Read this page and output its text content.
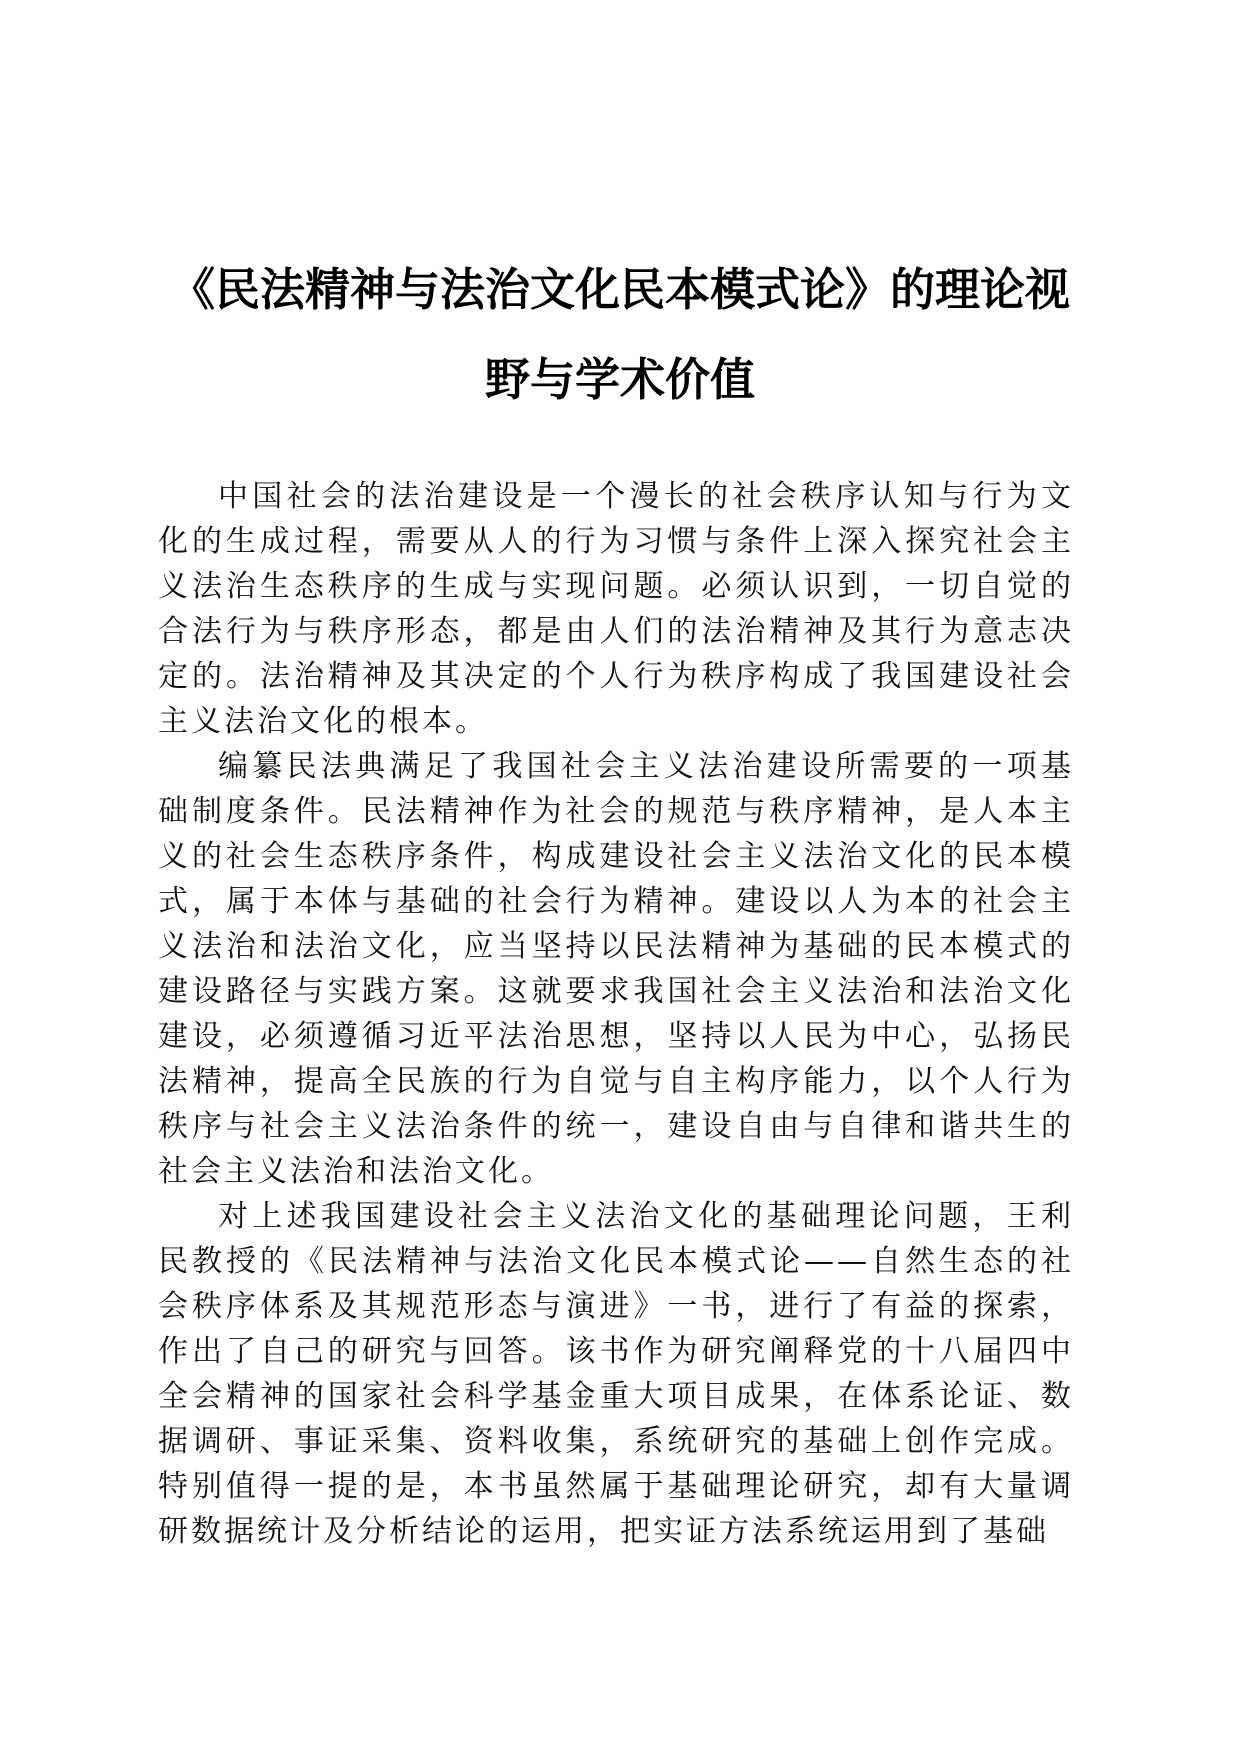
《民法精神与法治文化民本模式论》的理论视
野与学术价值

中国社会的法治建设是一个漫长的社会秩序认知与行为文化的生成过程，需要从人的行为习惯与条件上深入探究社会主义法治生态秩序的生成与实现问题。必须认识到，一切自觉的合法行为与秩序形态，都是由人们的法治精神及其行为意志决定的。法治精神及其决定的个人行为秩序构成了我国建设社会主义法治文化的根本。

编纂民法典满足了我国社会主义法治建设所需要的一项基础制度条件。民法精神作为社会的规范与秩序精神，是人本主义的社会生态秩序条件，构成建设社会主义法治文化的民本模式，属于本体与基础的社会行为精神。建设以人为本的社会主义法治和法治文化，应当坚持以民法精神为基础的民本模式的建设路径与实践方案。这就要求我国社会主义法治和法治文化建设，必须遵循习近平法治思想，坚持以人民为中心，弘扬民法精神，提高全民族的行为自觉与自主构序能力，以个人行为秩序与社会主义法治条件的统一，建设自由与自律和谐共生的社会主义法治和法治文化。

对上述我国建设社会主义法治文化的基础理论问题，王利民教授的《民法精神与法治文化民本模式论——自然生态的社会秩序体系及其规范形态与演进》一书，进行了有益的探索，作出了自己的研究与回答。该书作为研究阐释党的十八届四中全会精神的国家社会科学基金重大项目成果，在体系论证、数据调研、事证采集、资料收集，系统研究的基础上创作完成。特别值得一提的是，本书虽然属于基础理论研究，却有大量调研数据统计及分析结论的运用，把实证方法系统运用到了基础
